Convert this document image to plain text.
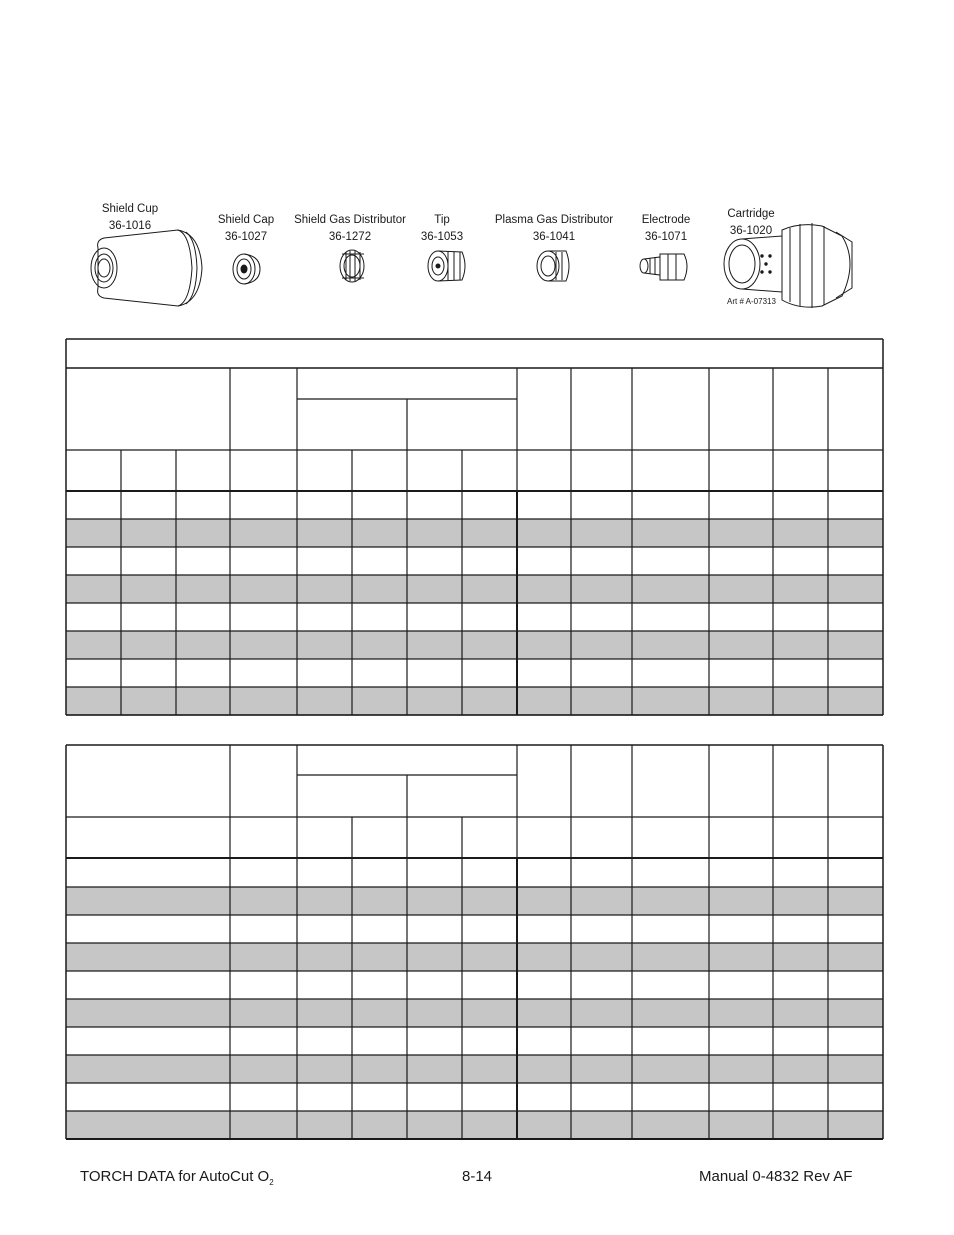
Shield Cup
36-1016	Shield Cap
36-1027
Shield Gas Distributor
36-1272
Tip
36-1053
Plasma Gas Distributor
36-1041
Electrode
36-1071
Cartridge
36-1020
Art # A-07313
TORCH DATA for AutoCut $O_2$	8-14	Manual 0-4832 Rev AF
